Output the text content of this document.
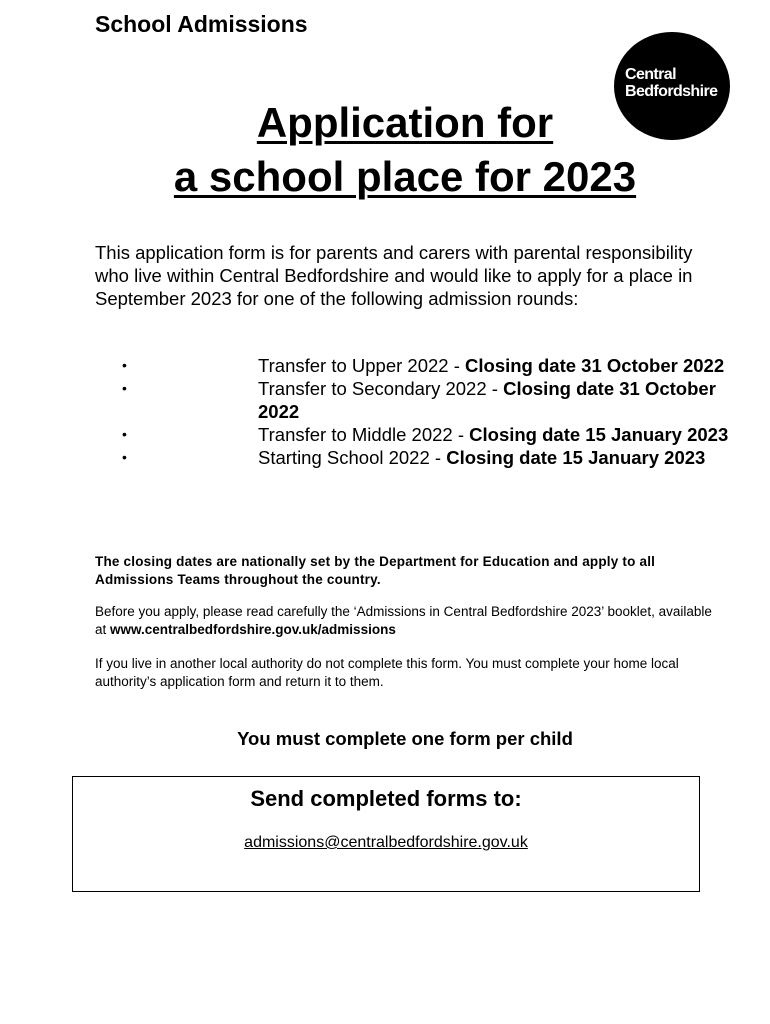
School Admissions

Central
Bedfordshire
Application for
a school place for 2023

This application form is for parents and carers with parental responsibility who live within Central Bedfordshire and would like to apply for a place in September 2023 for one of the following admission rounds:

•	Transfer to Upper 2022 - Closing date 31 October 2022
•	Transfer to Secondary 2022 - Closing date 31 October 2022
•	Transfer to Middle 2022 - Closing date 15 January 2023
•	Starting School 2022 - Closing date 15 January 2023

The closing dates are nationally set by the Department for Education and apply to all Admissions Teams throughout the country.

Before you apply, please read carefully the ‘Admissions in Central Bedfordshire 2023’ booklet, available at www.centralbedfordshire.gov.uk/admissions

If you live in another local authority do not complete this form. You must complete your home local authority’s application form and return it to them.

You must complete one form per child

Send completed forms to:

admissions@centralbedfordshire.gov.uk
